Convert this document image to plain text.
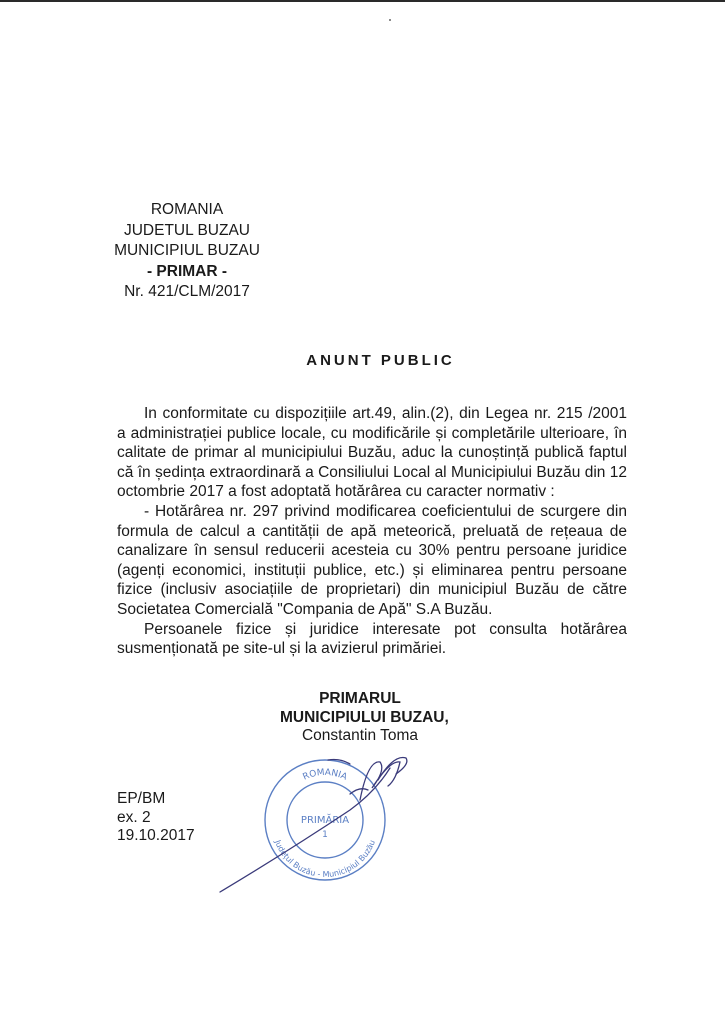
ROMANIA
JUDETUL BUZAU
MUNICIPIUL BUZAU
- PRIMAR -
Nr. 421/CLM/2017
ANUNT PUBLIC

In conformitate cu dispozițiile art.49, alin.(2), din Legea nr. 215 /2001 a administrației publice locale, cu modificările și completările ulterioare, în calitate de primar al municipiului Buzău, aduc la cunoștință publică faptul că în ședința extraordinară a Consiliului Local al Municipiului Buzău din 12 octombrie 2017 a fost adoptată hotărârea cu caracter normativ :

- Hotărârea nr. 297 privind modificarea coeficientului de scurgere din formula de calcul a cantității de apă meteorică, preluată de rețeaua de canalizare în sensul reducerii acesteia cu 30% pentru persoane juridice (agenți economici, instituții publice, etc.) și eliminarea pentru persoane fizice (inclusiv asociațiile de proprietari) din municipiul Buzău de către Societatea Comercială "Compania de Apă" S.A Buzău.

Persoanele fizice și juridice interesate pot consulta hotărârea susmenționată pe site-ul și la avizierul primăriei.

ROMANIA
Județul Buzău - Municipiul Buzău
PRIMĂRIA
1
PRIMARUL
MUNICIPIULUI BUZAU,
Constantin Toma
EP/BM
ex. 2
19.10.2017
